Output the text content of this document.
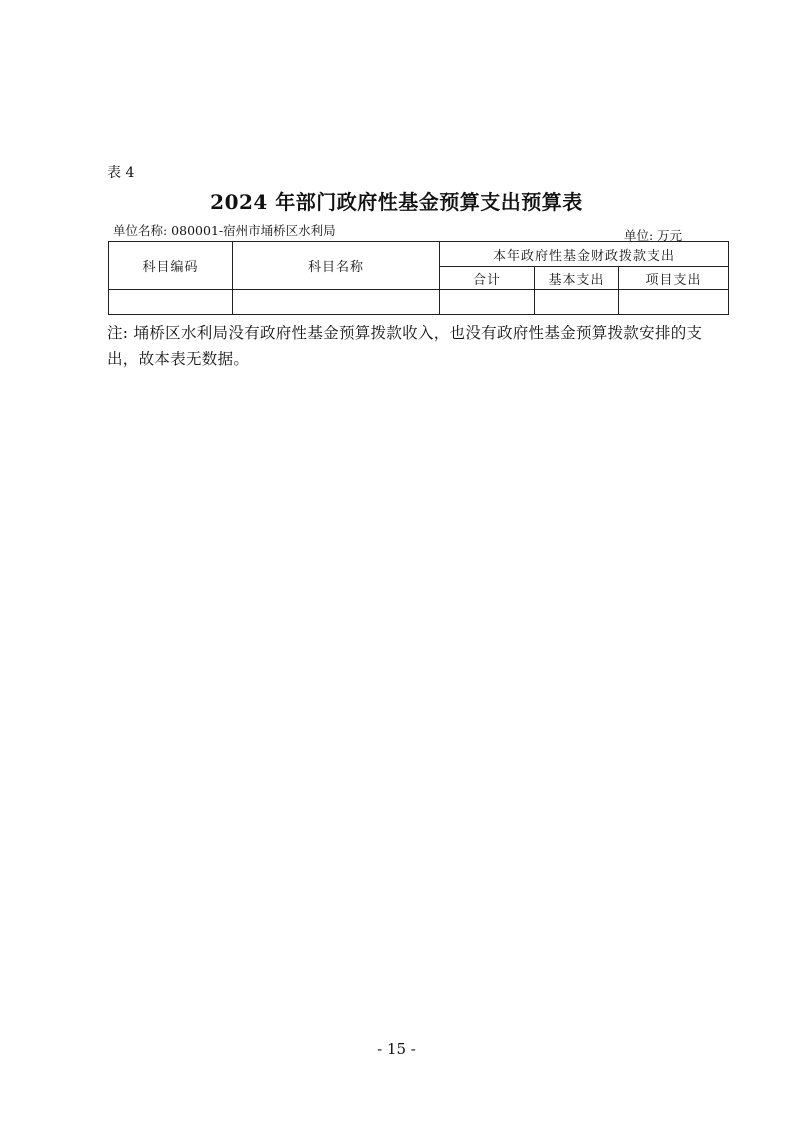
表 4
2024 年部门政府性基金预算支出预算表
单位名称: 080001-宿州市埇桥区水利局	单位: 万元
科目编码	科目名称	本年政府性基金财政拨款支出		
		合计	基本支出	项目支出

注: 埇桥区水利局没有政府性基金预算拨款收入，也没有政府性基金预算拨款安排的支出，故本表无数据。
- 15 -
